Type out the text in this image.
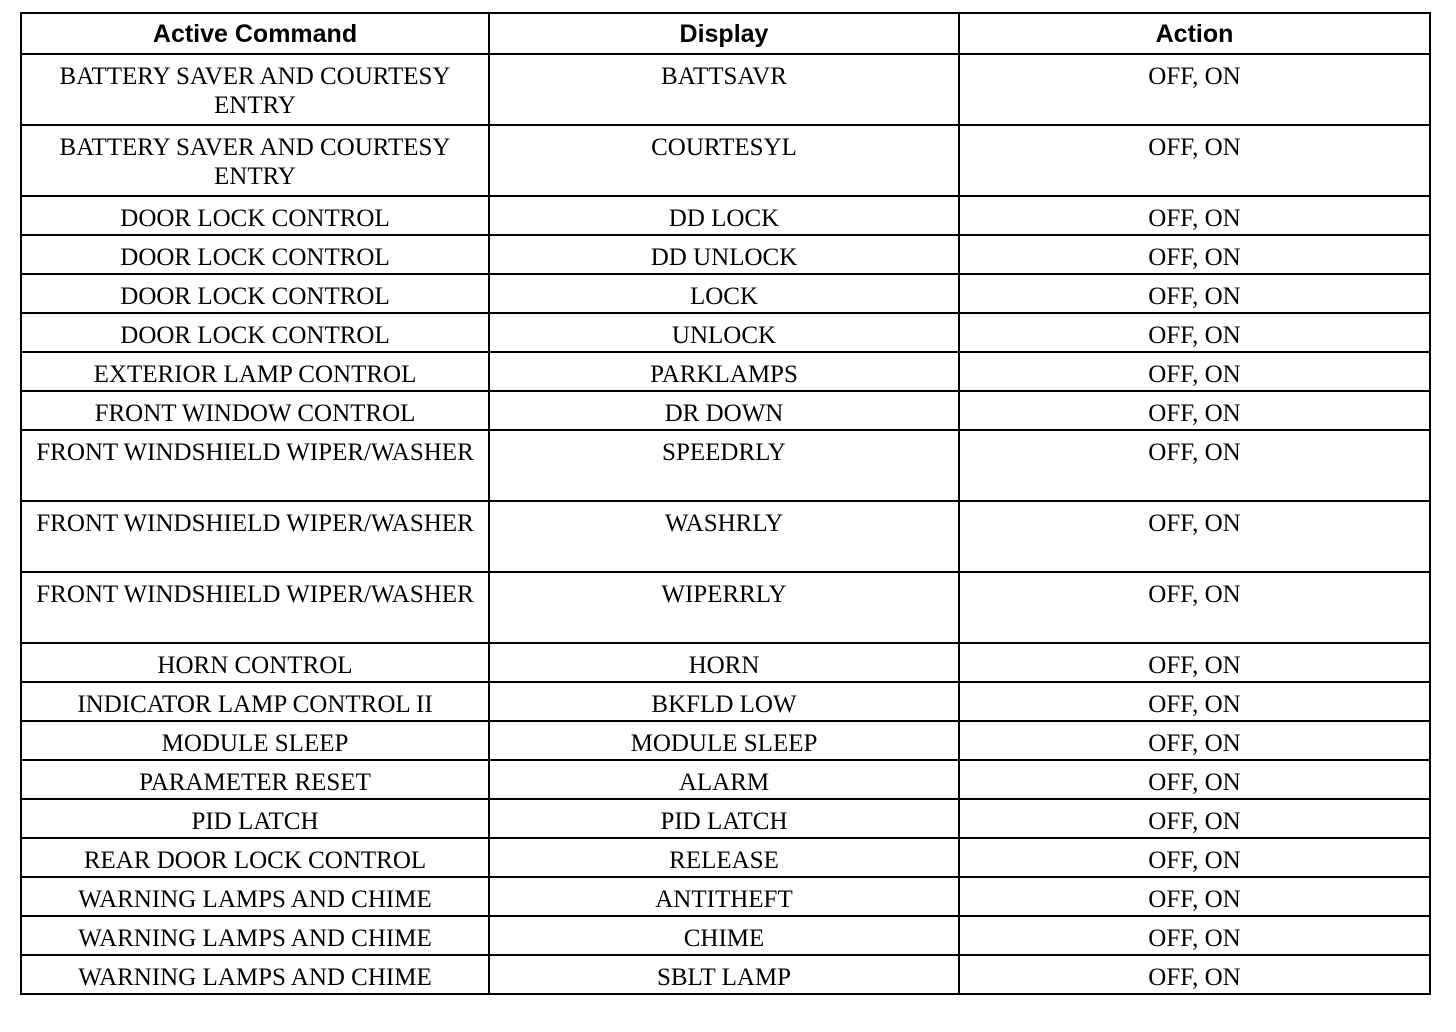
Active Command	Display	Action
BATTERY SAVER AND COURTESY ENTRY	BATTSAVR	OFF, ON
BATTERY SAVER AND COURTESY ENTRY	COURTESYL	OFF, ON
DOOR LOCK CONTROL	DD LOCK	OFF, ON
DOOR LOCK CONTROL	DD UNLOCK	OFF, ON
DOOR LOCK CONTROL	LOCK	OFF, ON
DOOR LOCK CONTROL	UNLOCK	OFF, ON
EXTERIOR LAMP CONTROL	PARKLAMPS	OFF, ON
FRONT WINDOW CONTROL	DR DOWN	OFF, ON
FRONT WINDSHIELD WIPER/WASHER	SPEEDRLY	OFF, ON
FRONT WINDSHIELD WIPER/WASHER	WASHRLY	OFF, ON
FRONT WINDSHIELD WIPER/WASHER	WIPERRLY	OFF, ON
HORN CONTROL	HORN	OFF, ON
INDICATOR LAMP CONTROL II	BKFLD LOW	OFF, ON
MODULE SLEEP	MODULE SLEEP	OFF, ON
PARAMETER RESET	ALARM	OFF, ON
PID LATCH	PID LATCH	OFF, ON
REAR DOOR LOCK CONTROL	RELEASE	OFF, ON
WARNING LAMPS AND CHIME	ANTITHEFT	OFF, ON
WARNING LAMPS AND CHIME	CHIME	OFF, ON
WARNING LAMPS AND CHIME	SBLT LAMP	OFF, ON
